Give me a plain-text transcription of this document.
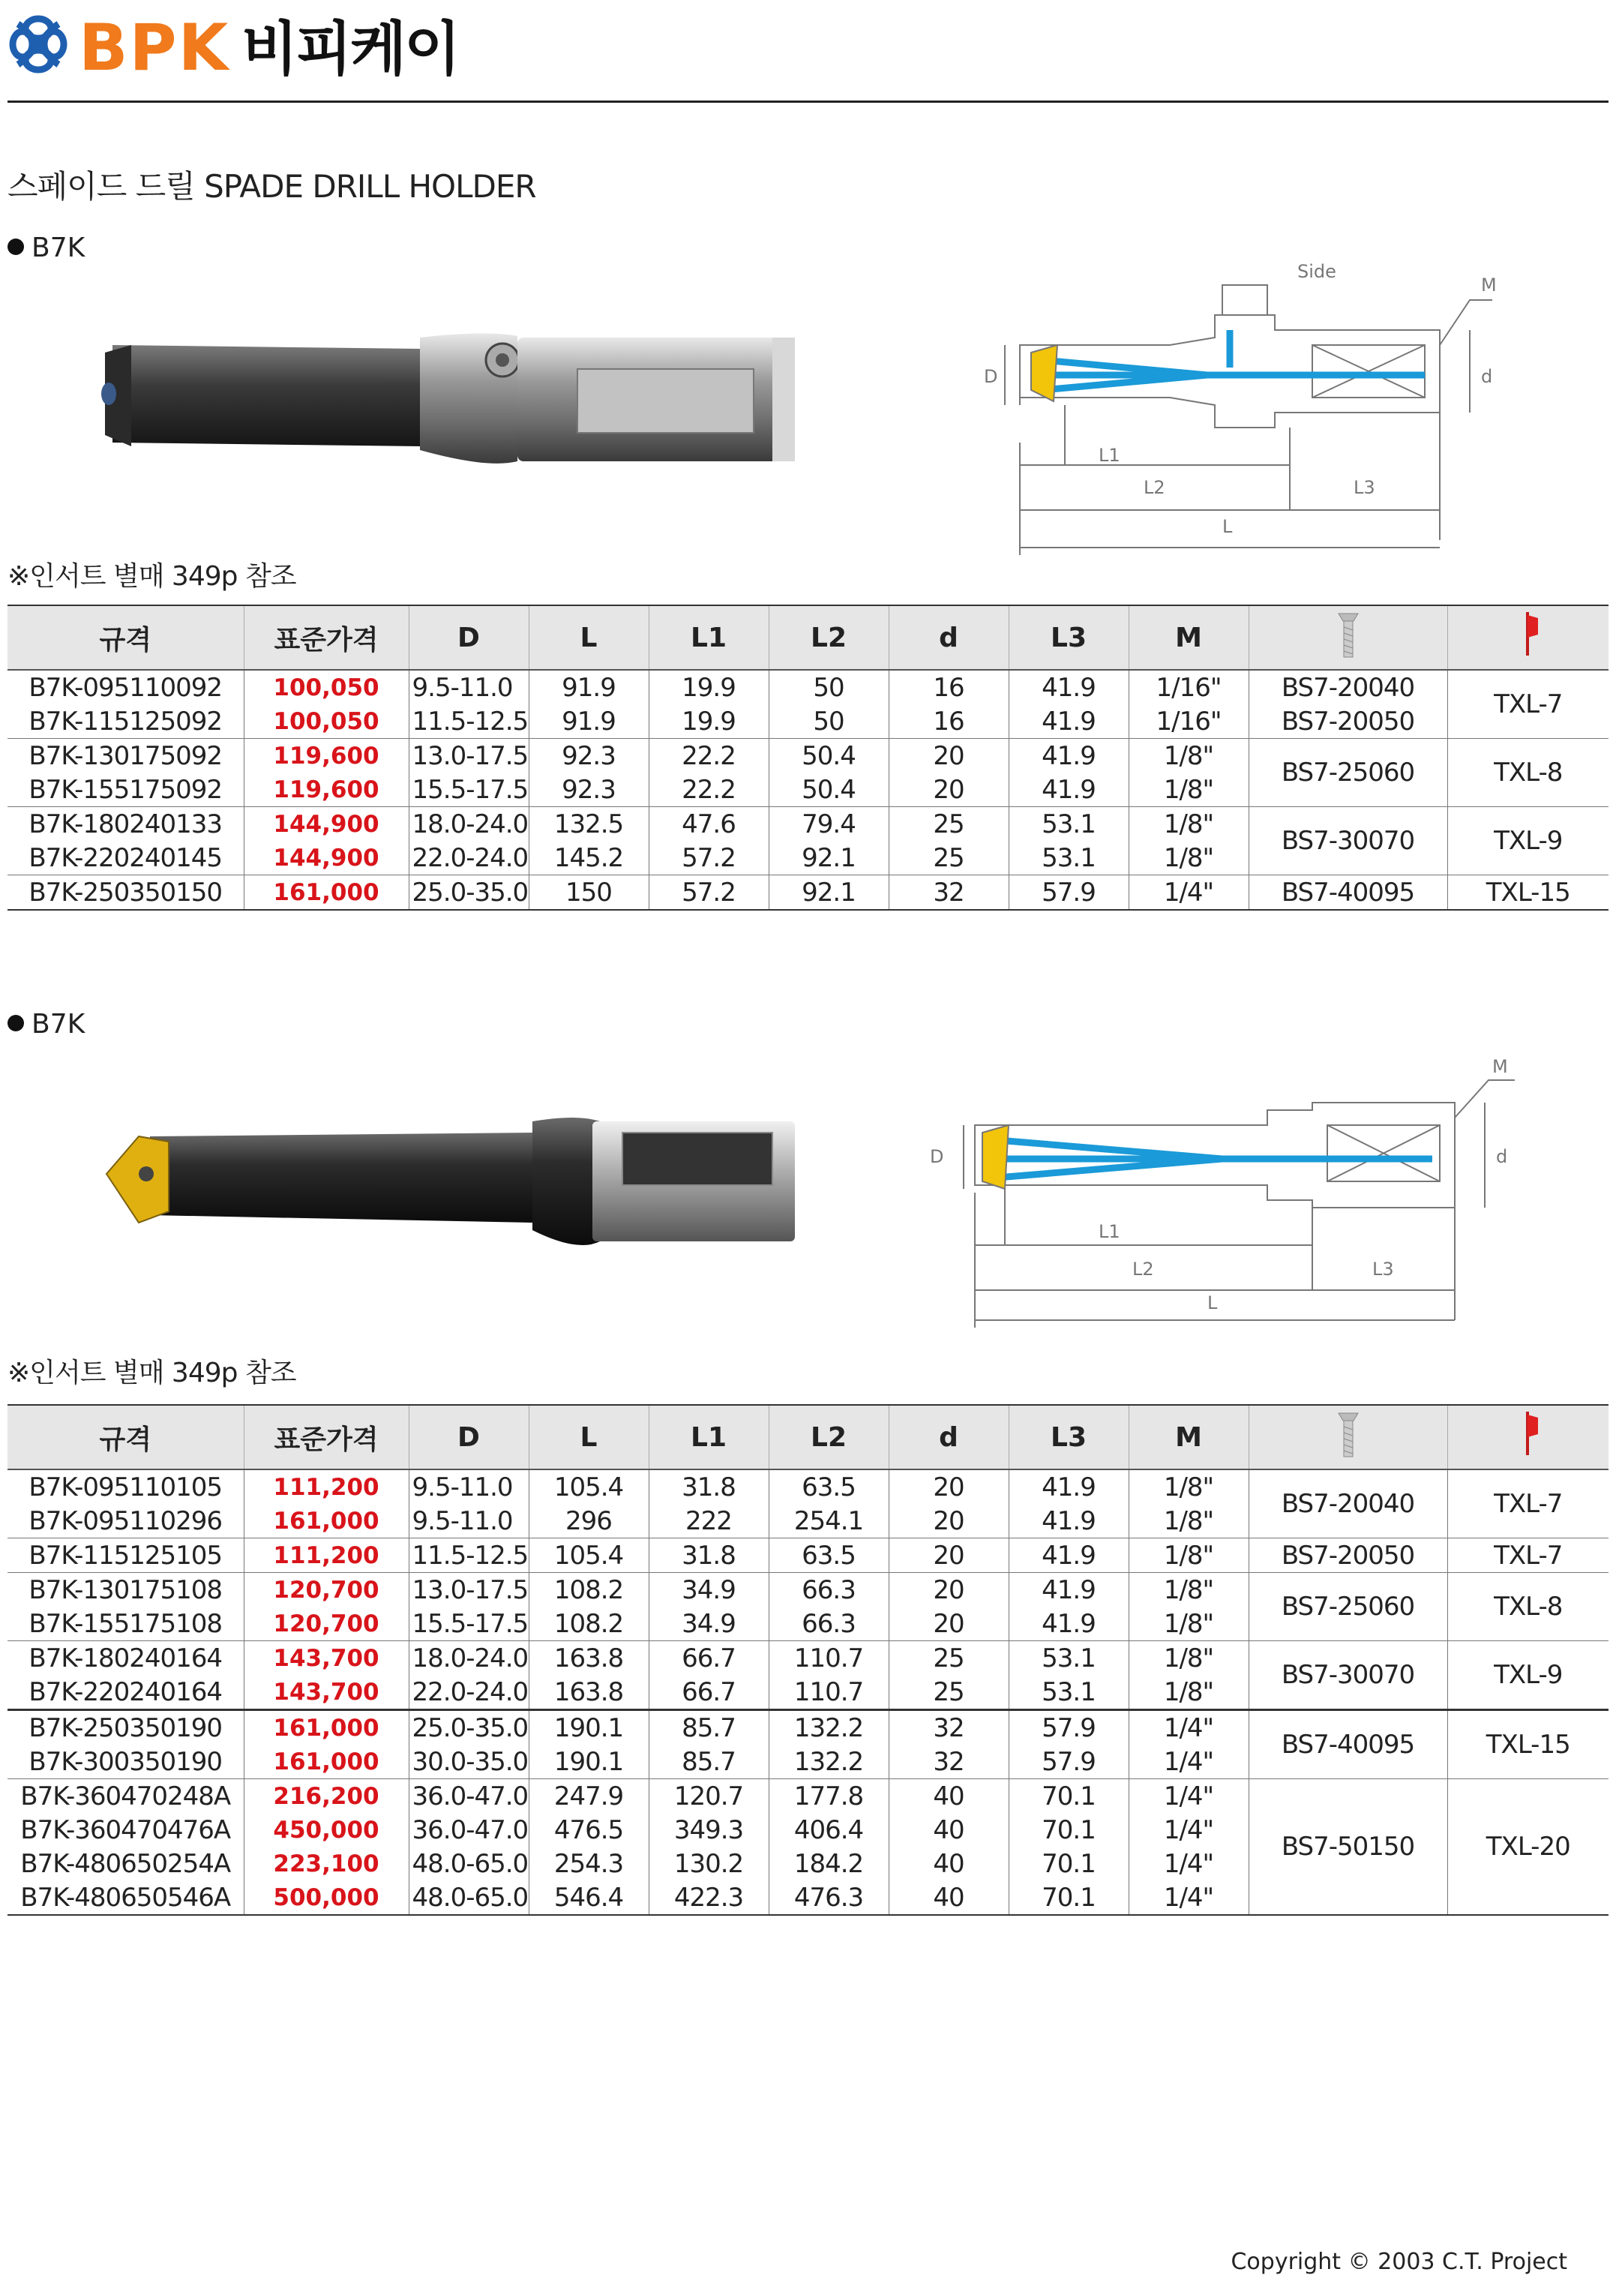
BPK 비피케이
스페이드 드릴 SPADE DRILL HOLDER
B7K
Side
M
D	d
L1
L2	L3
L
※인서트 별매 349p 참조
규격	표준가격	D	L	L1	L2	d	L3	M		
B7K-095110092	100,050	9.5-11.0	91.9	19.9	50	16	41.9	1/16"	BS7-20040	TXL-7
B7K-115125092	100,050	11.5-12.5	91.9	19.9	50	16	41.9	1/16"	BS7-20050	
B7K-130175092	119,600	13.0-17.5	92.3	22.2	50.4	20	41.9	1/8"	BS7-25060	TXL-8
B7K-155175092	119,600	15.5-17.5	92.3	22.2	50.4	20	41.9	1/8"		
B7K-180240133	144,900	18.0-24.0	132.5	47.6	79.4	25	53.1	1/8"	BS7-30070	TXL-9
B7K-220240145	144,900	22.0-24.0	145.2	57.2	92.1	25	53.1	1/8"		
B7K-250350150	161,000	25.0-35.0	150	57.2	92.1	32	57.9	1/4"	BS7-40095	TXL-15
B7K
M
D	d
L1
L2	L3
L
※인서트 별매 349p 참조
규격	표준가격	D	L	L1	L2	d	L3	M		
B7K-095110105	111,200	9.5-11.0	105.4	31.8	63.5	20	41.9	1/8"	BS7-20040	TXL-7
B7K-095110296	161,000	9.5-11.0	296	222	254.1	20	41.9	1/8"		
B7K-115125105	111,200	11.5-12.5	105.4	31.8	63.5	20	41.9	1/8"	BS7-20050	TXL-7
B7K-130175108	120,700	13.0-17.5	108.2	34.9	66.3	20	41.9	1/8"	BS7-25060	TXL-8
B7K-155175108	120,700	15.5-17.5	108.2	34.9	66.3	20	41.9	1/8"		
B7K-180240164	143,700	18.0-24.0	163.8	66.7	110.7	25	53.1	1/8"	BS7-30070	TXL-9
B7K-220240164	143,700	22.0-24.0	163.8	66.7	110.7	25	53.1	1/8"		
B7K-250350190	161,000	25.0-35.0	190.1	85.7	132.2	32	57.9	1/4"	BS7-40095	TXL-15
B7K-300350190	161,000	30.0-35.0	190.1	85.7	132.2	32	57.9	1/4"		
B7K-360470248A	216,200	36.0-47.0	247.9	120.7	177.8	40	70.1	1/4"	BS7-50150	TXL-20
B7K-360470476A	450,000	36.0-47.0	476.5	349.3	406.4	40	70.1	1/4"		
B7K-480650254A	223,100	48.0-65.0	254.3	130.2	184.2	40	70.1	1/4"		
B7K-480650546A	500,000	48.0-65.0	546.4	422.3	476.3	40	70.1	1/4"		
Copyright © 2003 C.T. Project
